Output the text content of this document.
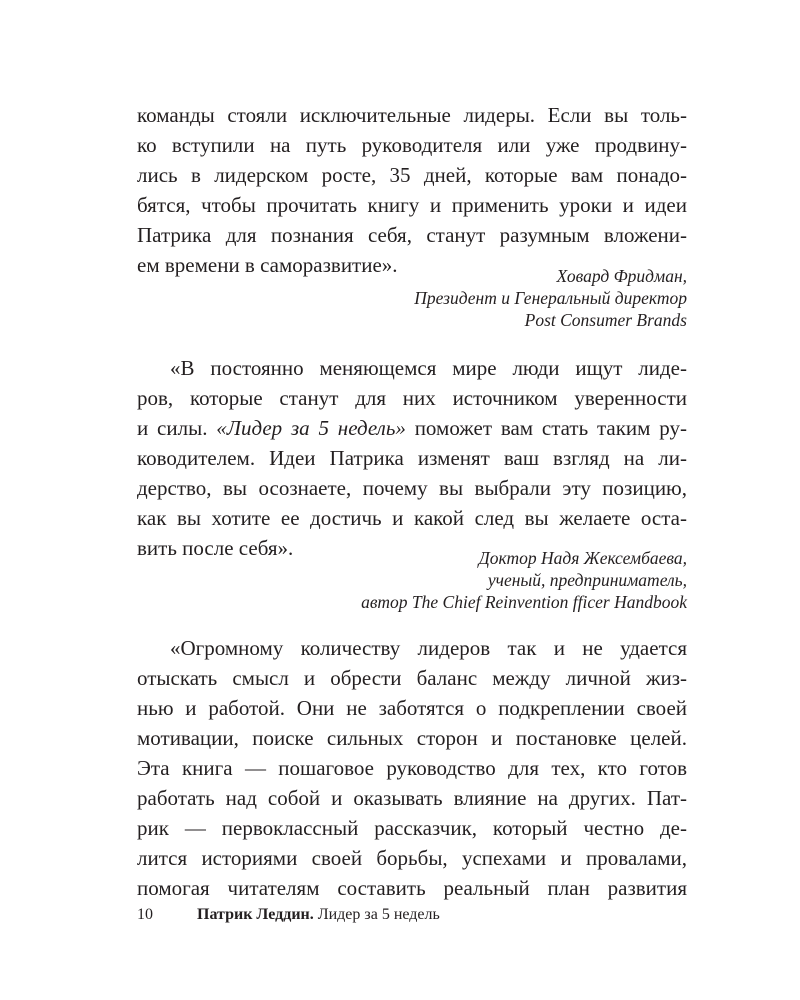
команды стояли исключительные лидеры. Если вы толь-
ко вступили на путь руководителя или уже продвину-
лись в лидерском росте, 35 дней, которые вам понадо-
бятся, чтобы прочитать книгу и применить уроки и идеи
Патрика для познания себя, станут разумным вложени-
ем времени в саморазвитие».	Ховард Фридман,
Президент и Генеральный директор
Post Consumer Brands
«В постоянно меняющемся мире люди ищут лиде-
ров, которые станут для них источником уверенности
и силы. «Лидер за 5 недель» поможет вам стать таким ру-
ководителем. Идеи Патрика изменят ваш взгляд на ли-
дерство, вы осознаете, почему вы выбрали эту позицию,
как вы хотите ее достичь и какой след вы желаете оста-
вить после себя».	Доктор Надя Жексембаева,
ученый, предприниматель,
автор The Chief Reinvention fficer Handbook
«Огромному количеству лидеров так и не удается
отыскать смысл и обрести баланс между личной жиз-
нью и работой. Они не заботятся о подкреплении своей
мотивации, поиске сильных сторон и постановке целей.
Эта книга — пошаговое руководство для тех, кто готов
работать над собой и оказывать влияние на других. Пат-
рик — первоклассный рассказчик, который честно де-
лится историями своей борьбы, успехами и провалами,
помогая читателям составить реальный план развития
10	Патрик Леддин. Лидер за 5 недель
